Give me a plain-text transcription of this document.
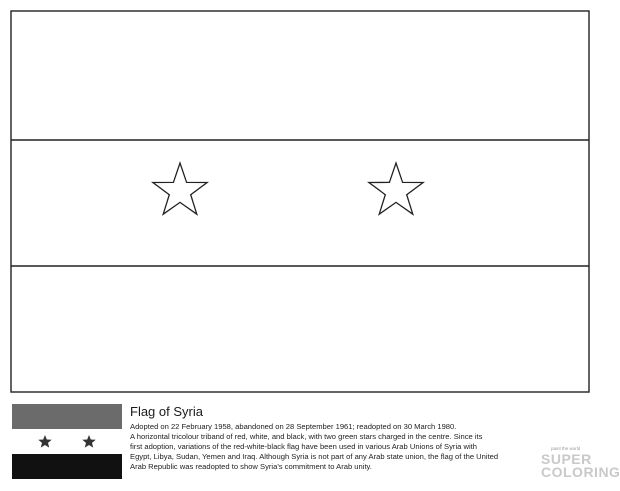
Flag of Syria
Adopted on 22 February 1958, abandoned on 28 September 1961; readopted on 30 March 1980.
A horizontal tricolour triband of red, white, and black, with two green stars charged in the centre. Since its
first adoption, variations of the red-white-black flag have been used in various Arab Unions of Syria with
Egypt, Libya, Sudan, Yemen and Iraq. Although Syria is not part of any Arab state union, the flag of the United
Arab Republic was readopted to show Syria's commitment to Arab unity.
paint the world
SUPER
COLORING
